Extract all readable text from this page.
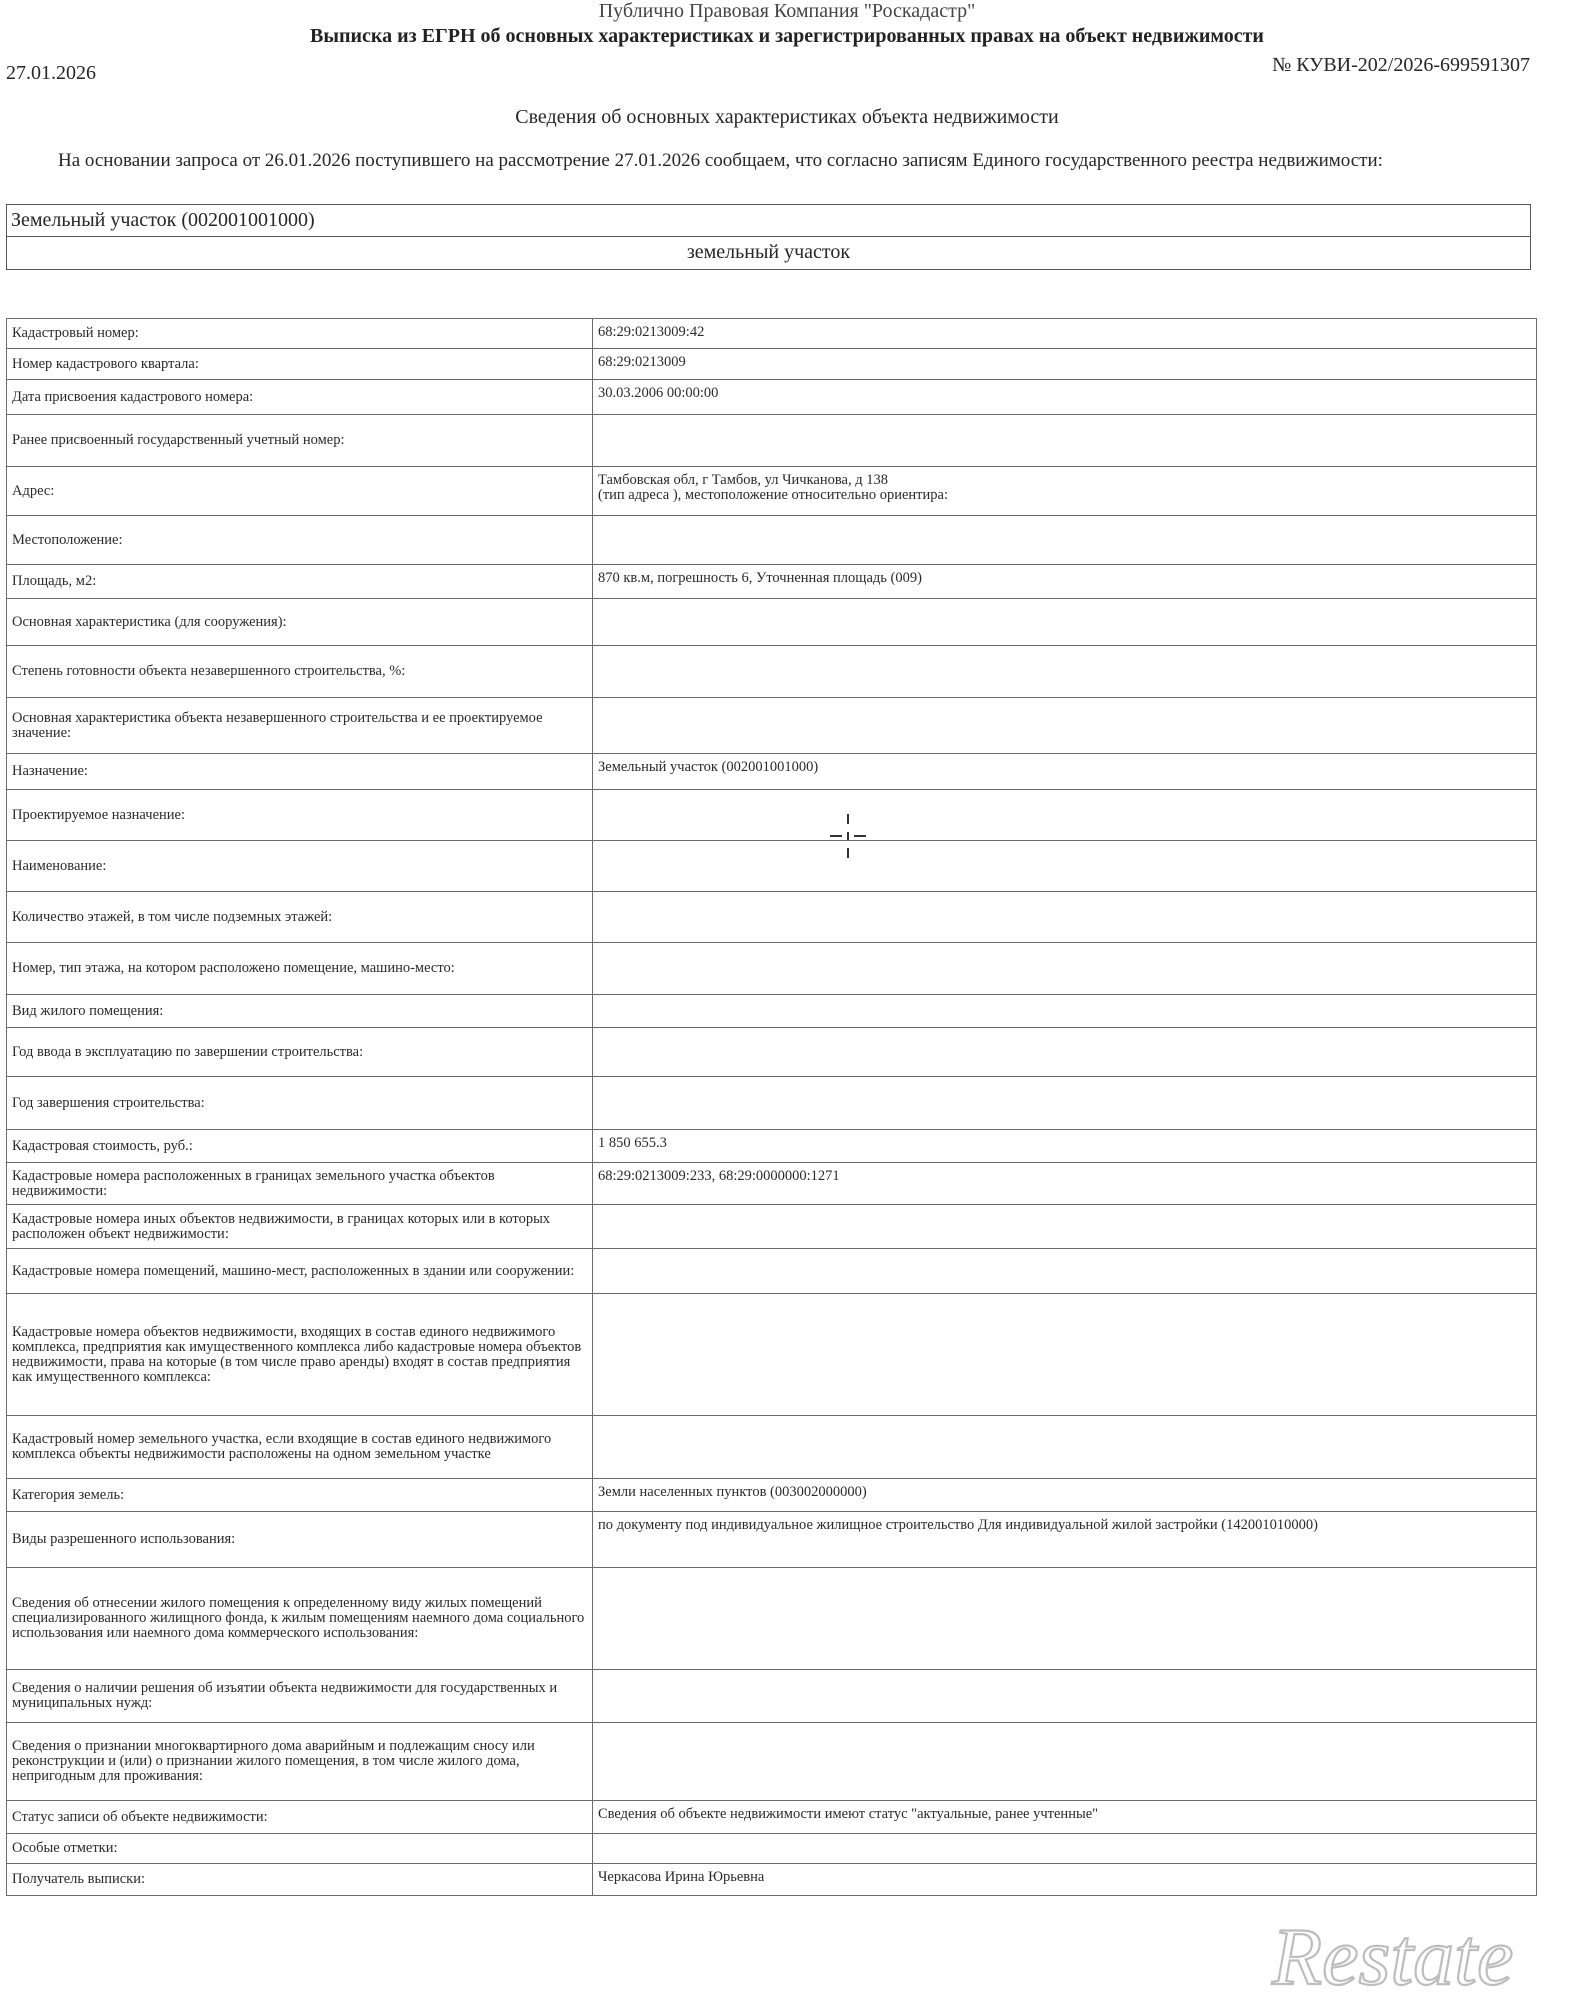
Публично Правовая Компания "Роскадастр"
Выписка из ЕГРН об основных характеристиках и зарегистрированных правах на объект недвижимости
27.01.2026	№ КУВИ-202/2026-699591307
Сведения об основных характеристиках объекта недвижимости
На основании запроса от 26.01.2026 поступившего на рассмотрение 27.01.2026 сообщаем, что согласно записям Единого государственного реестра недвижимости:
Земельный участок (002001001000)
земельный участок
Кадастровый номер:	68:29:0213009:42
Номер кадастрового квартала:	68:29:0213009
Дата присвоения кадастрового номера:	30.03.2006 00:00:00
Ранее присвоенный государственный учетный номер:	
Адрес:	Тамбовская обл, г Тамбов, ул Чичканова, д 138
(тип адреса ), местоположение относительно ориентира:
Местоположение:	
Площадь, м2:	870 кв.м, погрешность 6, Уточненная площадь (009)
Основная характеристика (для сооружения):	
Степень готовности объекта незавершенного строительства, %:	
Основная характеристика объекта незавершенного строительства и ее проектируемое значение:	
Назначение:	Земельный участок (002001001000)
Проектируемое назначение:	
Наименование:	
Количество этажей, в том числе подземных этажей:	
Номер, тип этажа, на котором расположено помещение, машино-место:	
Вид жилого помещения:	
Год ввода в эксплуатацию по завершении строительства:	
Год завершения строительства:	
Кадастровая стоимость, руб.:	1 850 655.3
Кадастровые номера расположенных в границах земельного участка объектов недвижимости:	68:29:0213009:233, 68:29:0000000:1271
Кадастровые номера иных объектов недвижимости, в границах которых или в которых расположен объект недвижимости:	
Кадастровые номера помещений, машино-мест, расположенных в здании или сооружении:	
Кадастровые номера объектов недвижимости, входящих в состав единого недвижимого комплекса, предприятия как имущественного комплекса либо кадастровые номера объектов недвижимости, права на которые (в том числе право аренды) входят в состав предприятия как имущественного комплекса:	
Кадастровый номер земельного участка, если входящие в состав единого недвижимого комплекса объекты недвижимости расположены на одном земельном участке	
Категория земель:	Земли населенных пунктов (003002000000)
Виды разрешенного использования:	по документу под индивидуальное жилищное строительство Для индивидуальной жилой застройки (142001010000)
Сведения об отнесении жилого помещения к определенному виду жилых помещений специализированного жилищного фонда, к жилым помещениям наемного дома социального использования или наемного дома коммерческого использования:	
Сведения о наличии решения об изъятии объекта недвижимости для государственных и муниципальных нужд:	
Сведения о признании многоквартирного дома аварийным и подлежащим сносу или реконструкции и (или) о признании жилого помещения, в том числе жилого дома, непригодным для проживания:	
Статус записи об объекте недвижимости:	Сведения об объекте недвижимости имеют статус "актуальные, ранее учтенные"
Особые отметки:	
Получатель выписки:	Черкасова Ирина Юрьевна
Restate
